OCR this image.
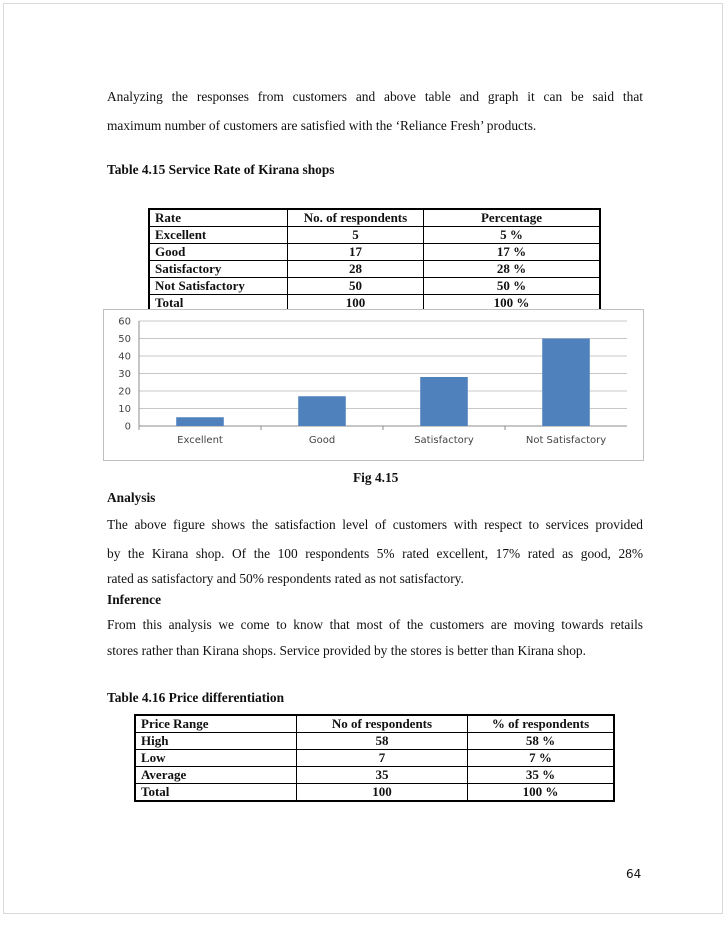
Analyzing the responses from customers and above table and graph it can be said that

maximum number of customers are satisfied with the ‘Reliance Fresh’ products.

Table 4.15 Service Rate of Kirana shops

Rate	No. of respondents	Percentage
Excellent	5	5 %
Good	17	17 %
Satisfactory	28	28 %
Not Satisfactory	50	50 %
Total	100	100 %
0
10
20
30
40
50
60
Excellent	Good	Satisfactory	Not Satisfactory
Fig 4.15

Analysis

The above figure shows the satisfaction level of customers with respect to services provided

by the Kirana shop. Of the 100 respondents 5% rated excellent, 17% rated as good, 28%

rated as satisfactory and 50% respondents rated as not satisfactory.

Inference

From this analysis we come to know that most of the customers are moving towards retails

stores rather than Kirana shops. Service provided by the stores is better than Kirana shop.

Table 4.16 Price differentiation

Price Range	No of respondents	% of respondents
High	58	58 %
Low	7	7 %
Average	35	35 %
Total	100	100 %
64
